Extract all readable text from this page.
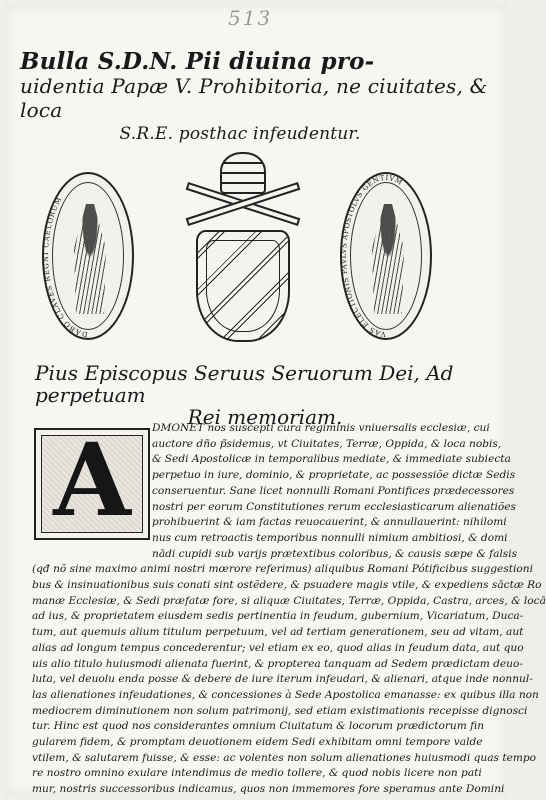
513
Bulla S.D.N. Pii diuina pro-
uidentia Papæ V. Prohibitoria, ne ciuitates, & loca
S.R.E. posthac infeudentur.
DABO CLAVES REGNI CAELORUM
VAS ELECTIONIS PAVLVS APOSTOLVS GENTIVM
Pius Episcopus Seruus Seruorum Dei, Ad perpetuam
Rei memoriam.
A	DMONET nos suscepti cura regiminis vniuersalis ecclesiæ, cui
auctore dño p̃sidemus, vt Ciuitates, Terræ, Oppida, & loca nobis,
& Sedi Apostolicæ in temporalibus mediate, & immediate subiecta
perpetuo in iure, dominio, & proprietate, ac possessiõe dictæ Sedis
conseruentur. Sane licet nonnulli Romani Pontifices prædecessores
nostri per eorum Constitutiones rerum ecclesiasticarum alienatiões
prohibuerint & iam factas reuocauerint, & annullauerint: nihilomi
nus cum retroactis temporibus nonnulli nimium ambitiosi, & domi
nādi cupidi sub varijs prætextibus coloribus, & causis sæpe & falsis
(qđ nõ sine maximo animi nostri mœrore referimus) aliquibus Romani Pótificibus suggestioni
bus & insinuationibus suis conati sint ostẽdere, & psuadere magis vtile, & expediens sāctæ Ro
manæ Ecclesiæ, & Sedi præfatæ fore, si aliquæ Ciuitates, Terræ, Oppida, Castra, arces, & locā
ad ius, & proprietatem eiusdem sedis pertinentia in feudum, gubernium, Vicariatum, Duca-
tum, aut quemuis alium titulum perpetuum, vel ad tertiam generationem, seu ad vitam, aut
alias ad longum tempus concederentur; vel etiam ex eo, quod alias in feudum data, aut quo
uis alio titulo huiusmodi alienata fuerint, & propterea tanquam ad Sedem prædictam deuo-
luta, vel deuolu enda posse & debere de iure iterum infeudari, & alienari, atque inde nonnul-
las alienationes infeudationes, & concessiones à Sede Apostolica emanasse: ex quibus illa non
mediocrem diminutionem non solum patrimonij, sed etiam existimationis recepisse dignosci
tur. Hinc est quod nos considerantes omnium Ciuitatum & locorum prædictorum fin
gularem fidem, & promptam deuotionem eidem Sedi exhibitam omni tempore valde
vtilem, & salutarem fuisse, & esse: ac volentes non solum alienationes huiusmodi quas tempo
re nostro omnino exulare intendimus de medio tollere, & quod nobis licere non pati
mur, nostris successoribus indicamus, quos non immemores fore speramus ante Domini
